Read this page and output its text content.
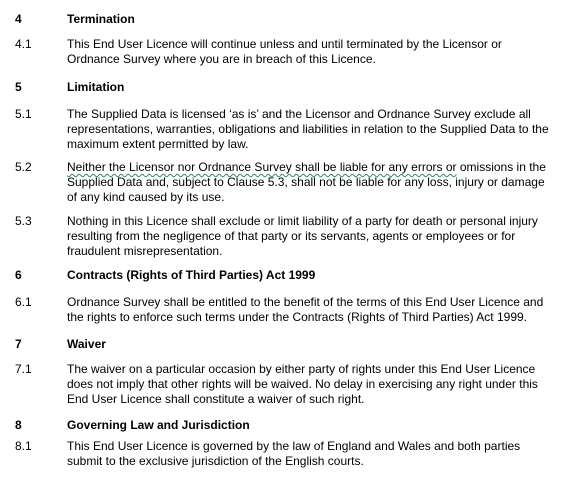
4	Termination
4.1	This End User Licence will continue unless and until terminated by the Licensor or
Ordnance Survey where you are in breach of this Licence.
5	Limitation
5.1	The Supplied Data is licensed ‘as is’ and the Licensor and Ordnance Survey exclude all
representations, warranties, obligations and liabilities in relation to the Supplied Data to the
maximum extent permitted by law.
5.2	Neither the Licensor nor Ordnance Survey shall be liable for any errors or omissions in the
Supplied Data and, subject to Clause 5.3, shall not be liable for any loss, injury or damage
of any kind caused by its use.
5.3	Nothing in this Licence shall exclude or limit liability of a party for death or personal injury
resulting from the negligence of that party or its servants, agents or employees or for
fraudulent misrepresentation.
6	Contracts (Rights of Third Parties) Act 1999
6.1	Ordnance Survey shall be entitled to the benefit of the terms of this End User Licence and
the rights to enforce such terms under the Contracts (Rights of Third Parties) Act 1999.
7	Waiver
7.1	The waiver on a particular occasion by either party of rights under this End User Licence
does not imply that other rights will be waived. No delay in exercising any right under this
End User Licence shall constitute a waiver of such right.
8	Governing Law and Jurisdiction
8.1	This End User Licence is governed by the law of England and Wales and both parties
submit to the exclusive jurisdiction of the English courts.
